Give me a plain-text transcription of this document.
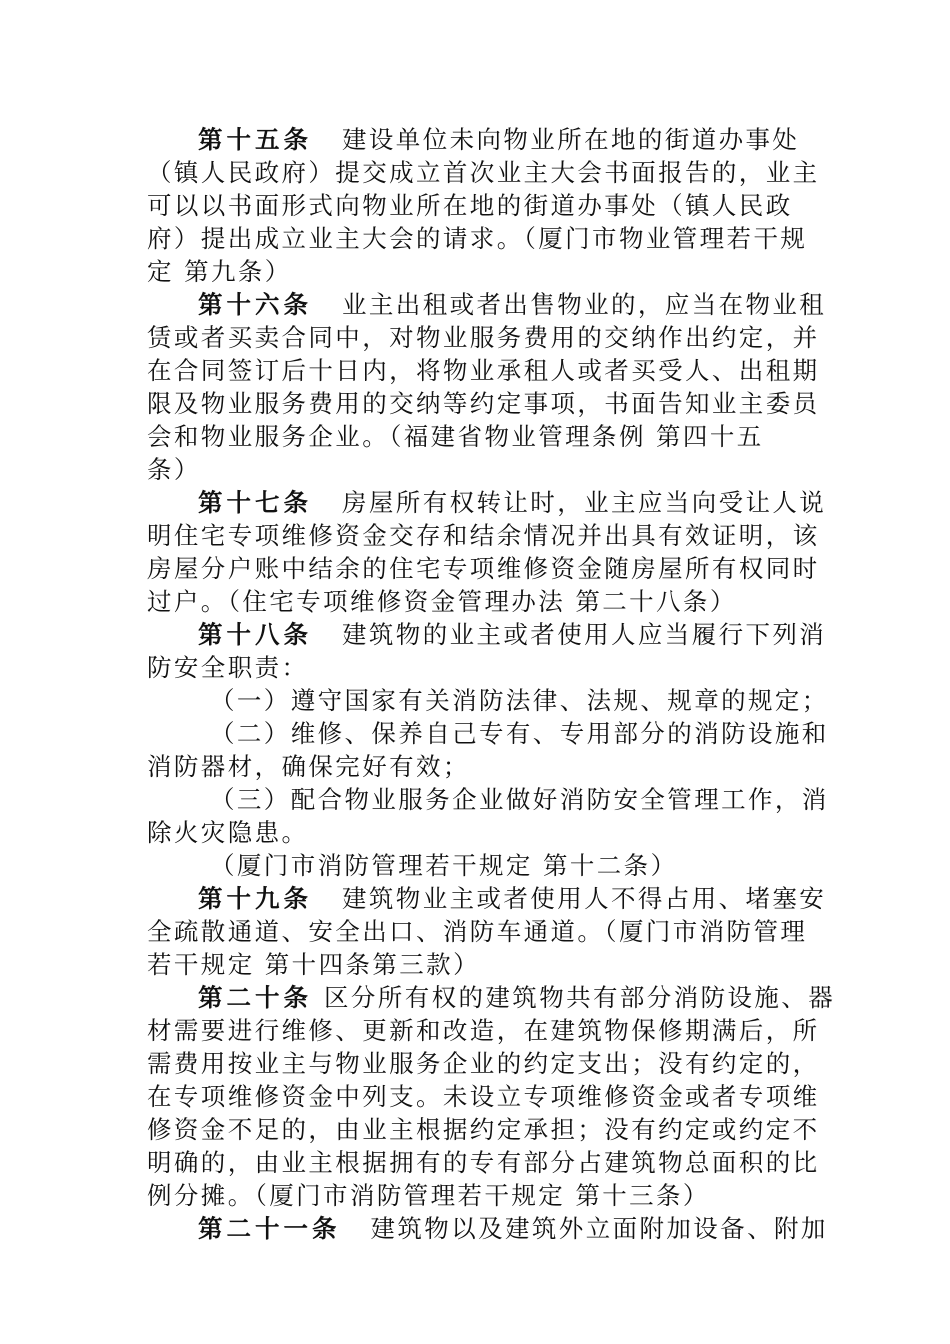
第十五条 建设单位未向物业所在地的街道办事处
（镇人民政府）提交成立首次业主大会书面报告的，业主
可以以书面形式向物业所在地的街道办事处（镇人民政
府）提出成立业主大会的请求。（厦门市物业管理若干规
定 第九条）
第十六条 业主出租或者出售物业的，应当在物业租
赁或者买卖合同中，对物业服务费用的交纳作出约定，并
在合同签订后十日内，将物业承租人或者买受人、出租期
限及物业服务费用的交纳等约定事项，书面告知业主委员
会和物业服务企业。（福建省物业管理条例 第四十五
条）
第十七条 房屋所有权转让时，业主应当向受让人说
明住宅专项维修资金交存和结余情况并出具有效证明，该
房屋分户账中结余的住宅专项维修资金随房屋所有权同时
过户。（住宅专项维修资金管理办法 第二十八条）
第十八条 建筑物的业主或者使用人应当履行下列消
防安全职责：
（一）遵守国家有关消防法律、法规、规章的规定；
（二）维修、保养自己专有、专用部分的消防设施和
消防器材，确保完好有效；
（三）配合物业服务企业做好消防安全管理工作，消
除火灾隐患。
（厦门市消防管理若干规定 第十二条）
第十九条 建筑物业主或者使用人不得占用、堵塞安
全疏散通道、安全出口、消防车通道。（厦门市消防管理
若干规定 第十四条第三款）
第二十条 区分所有权的建筑物共有部分消防设施、器
材需要进行维修、更新和改造，在建筑物保修期满后，所
需费用按业主与物业服务企业的约定支出；没有约定的，
在专项维修资金中列支。未设立专项维修资金或者专项维
修资金不足的，由业主根据约定承担；没有约定或约定不
明确的，由业主根据拥有的专有部分占建筑物总面积的比
例分摊。（厦门市消防管理若干规定 第十三条）
第二十一条 建筑物以及建筑外立面附加设备、附加
